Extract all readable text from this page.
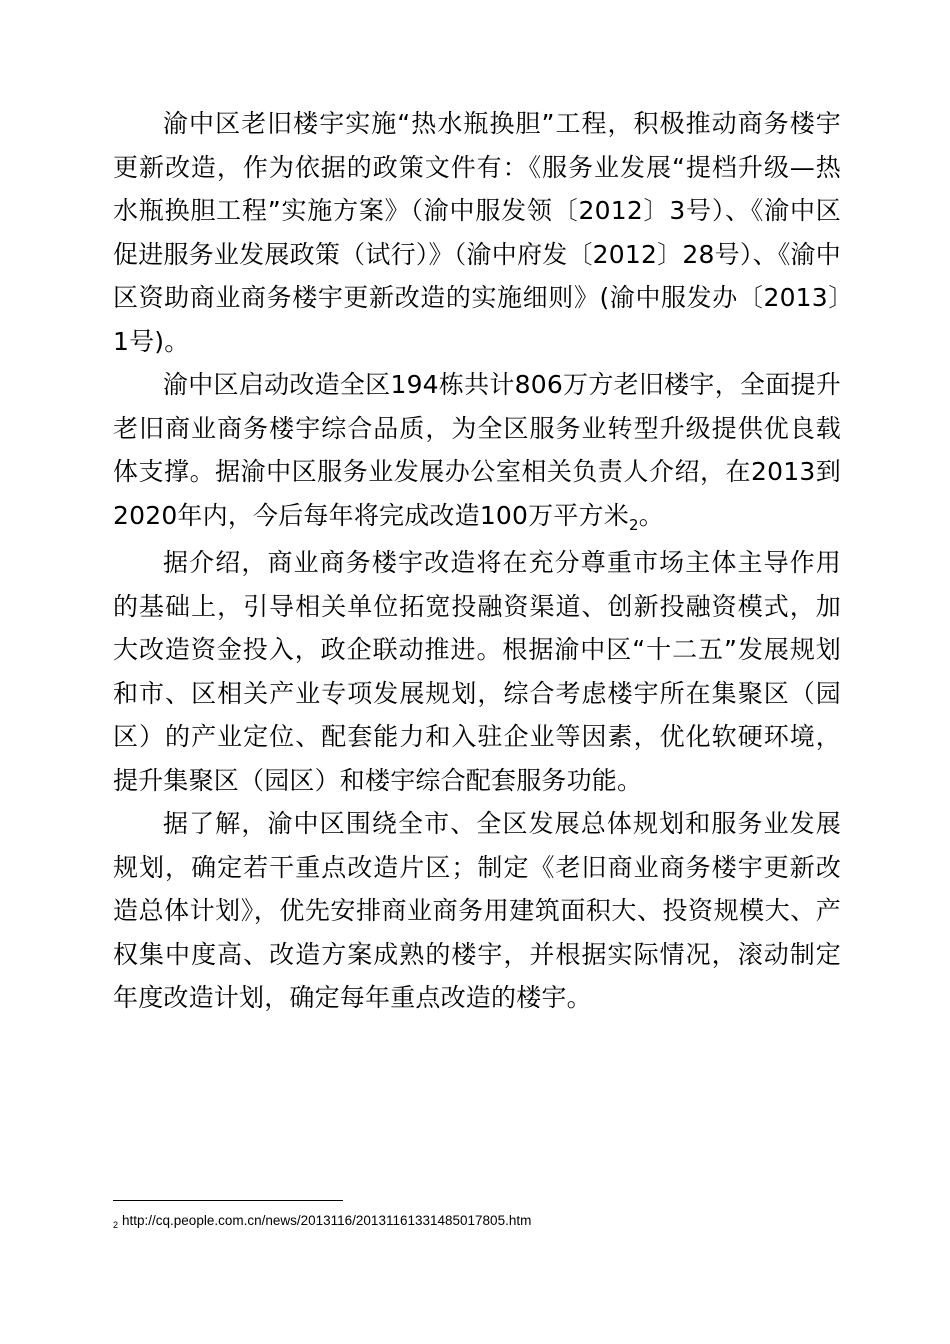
渝中区老旧楼宇实施“热水瓶换胆”工程，积极推动商务楼宇更新改造，作为依据的政策文件有：《服务业发展“提档升级—热水瓶换胆工程”实施方案》（渝中服发领〔2012〕3号）、《渝中区促进服务业发展政策（试行）》（渝中府发〔2012〕28号）、《渝中区资助商业商务楼宇更新改造的实施细则》(渝中服发办〔2013〕1号)。

渝中区启动改造全区194栋共计806万方老旧楼宇，全面提升老旧商业商务楼宇综合品质，为全区服务业转型升级提供优良载体支撑。据渝中区服务业发展办公室相关负责人介绍，在2013到2020年内，今后每年将完成改造100万平方米$_2$。

据介绍，商业商务楼宇改造将在充分尊重市场主体主导作用的基础上，引导相关单位拓宽投融资渠道、创新投融资模式，加大改造资金投入，政企联动推进。根据渝中区“十二五”发展规划和市、区相关产业专项发展规划，综合考虑楼宇所在集聚区（园区）的产业定位、配套能力和入驻企业等因素，优化软硬环境，提升集聚区（园区）和楼宇综合配套服务功能。

据了解，渝中区围绕全市、全区发展总体规划和服务业发展规划，确定若干重点改造片区；制定《老旧商业商务楼宇更新改造总体计划》，优先安排商业商务用建筑面积大、投资规模大、产权集中度高、改造方案成熟的楼宇，并根据实际情况，滚动制定年度改造计划，确定每年重点改造的楼宇。

$_2$ http://cq.people.com.cn/news/2013116/20131161331485017805.htm
